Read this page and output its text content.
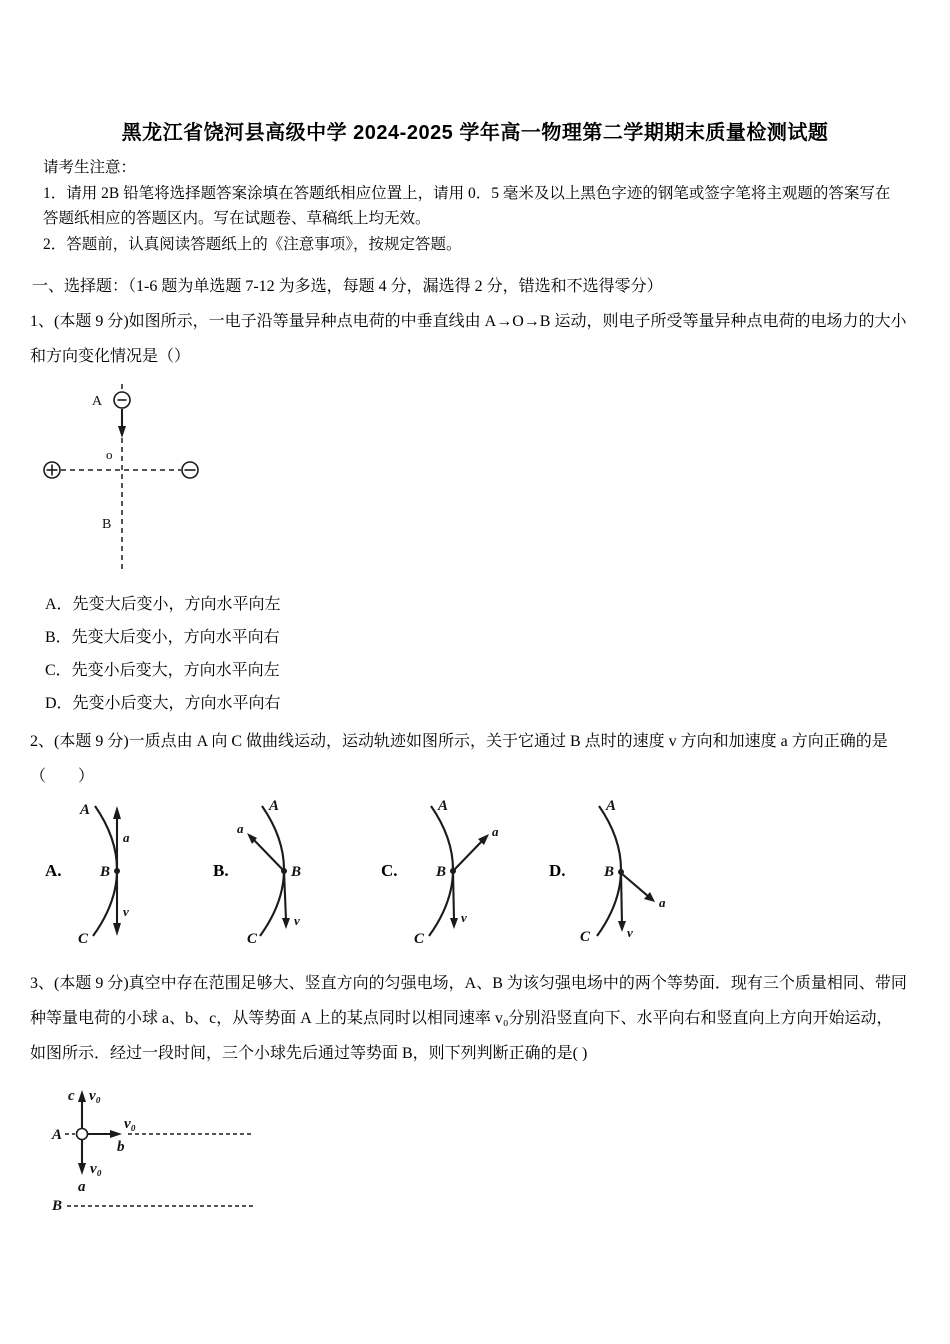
黑龙江省饶河县高级中学 2024-2025 学年高一物理第二学期期末质量检测试题

请考生注意：

1．请用 2B 铅笔将选择题答案涂填在答题纸相应位置上，请用 0．5 毫米及以上黑色字迹的钢笔或签字笔将主观题的答案写在答题纸相应的答题区内。写在试题卷、草稿纸上均无效。

2．答题前，认真阅读答题纸上的《注意事项》，按规定答题。

一、选择题：（1-6 题为单选题 7-12 为多选，每题 4 分，漏选得 2 分，错选和不选得零分）

1、(本题 9 分)如图所示，一电子沿等量异种点电荷的中垂直线由 A→O→B 运动，则电子所受等量异种点电荷的电场力的大小和方向变化情况是（）

A
o
B

A．先变大后变小，方向水平向左

B．先变大后变小，方向水平向右

C．先变小后变大，方向水平向左

D．先变小后变大，方向水平向右

2、(本题 9 分)一质点由 A 向 C 做曲线运动，运动轨迹如图所示，关于它通过 B 点时的速度 v 方向和加速度 a 方向正确的是（　　）

A.
A
C
B
a
v
B.
A
C
B
a
v
C.
A
C
B
a
v
D.
A
C
B
a
v

3、(本题 9 分)真空中存在范围足够大、竖直方向的匀强电场，A、B 为该匀强电场中的两个等势面．现有三个质量相同、带同种等量电荷的小球 a、b、c，从等势面 A 上的某点同时以相同速率 v₀分别沿竖直向下、水平向右和竖直向上方向开始运动，如图所示．经过一段时间，三个小球先后通过等势面 B，则下列判断正确的是( )

c v₀
A
v₀
b
v₀
a
B
